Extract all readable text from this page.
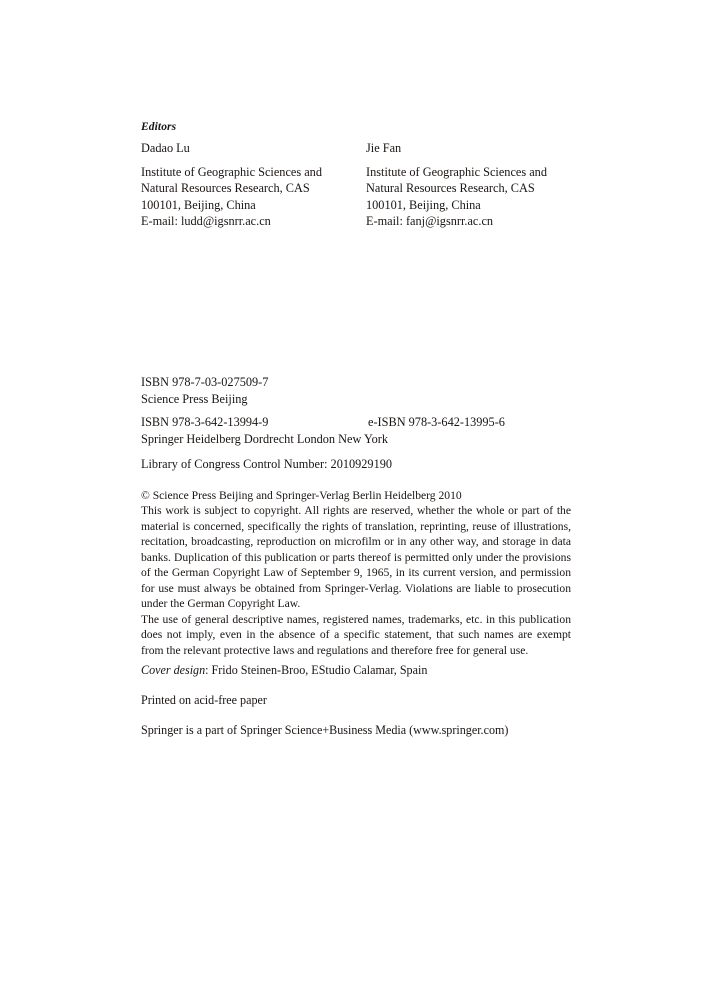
Editors
Dadao Lu
Institute of Geographic Sciences and
Natural Resources Research, CAS
100101, Beijing, China
E-mail: ludd@igsnrr.ac.cn
Jie Fan
Institute of Geographic Sciences and
Natural Resources Research, CAS
100101, Beijing, China
E-mail: fanj@igsnrr.ac.cn
ISBN 978-7-03-027509-7
Science Press Beijing
ISBN 978-3-642-13994-9	e-ISBN 978-3-642-13995-6
Springer Heidelberg Dordrecht London New York
Library of Congress Control Number: 2010929190

© Science Press Beijing and Springer-Verlag Berlin Heidelberg 2010

This work is subject to copyright. All rights are reserved, whether the whole or part of the material is concerned, specifically the rights of translation, reprinting, reuse of illustrations, recitation, broadcasting, reproduction on microfilm or in any other way, and storage in data banks. Duplication of this publication or parts thereof is permitted only under the provisions of the German Copyright Law of September 9, 1965, in its current version, and permission for use must always be obtained from Springer-Verlag. Violations are liable to prosecution under the German Copyright Law.

The use of general descriptive names, registered names, trademarks, etc. in this publication does not imply, even in the absence of a specific statement, that such names are exempt from the relevant protective laws and regulations and therefore free for general use.

Cover design: Frido Steinen-Broo, EStudio Calamar, Spain
Printed on acid-free paper
Springer is a part of Springer Science+Business Media (www.springer.com)
